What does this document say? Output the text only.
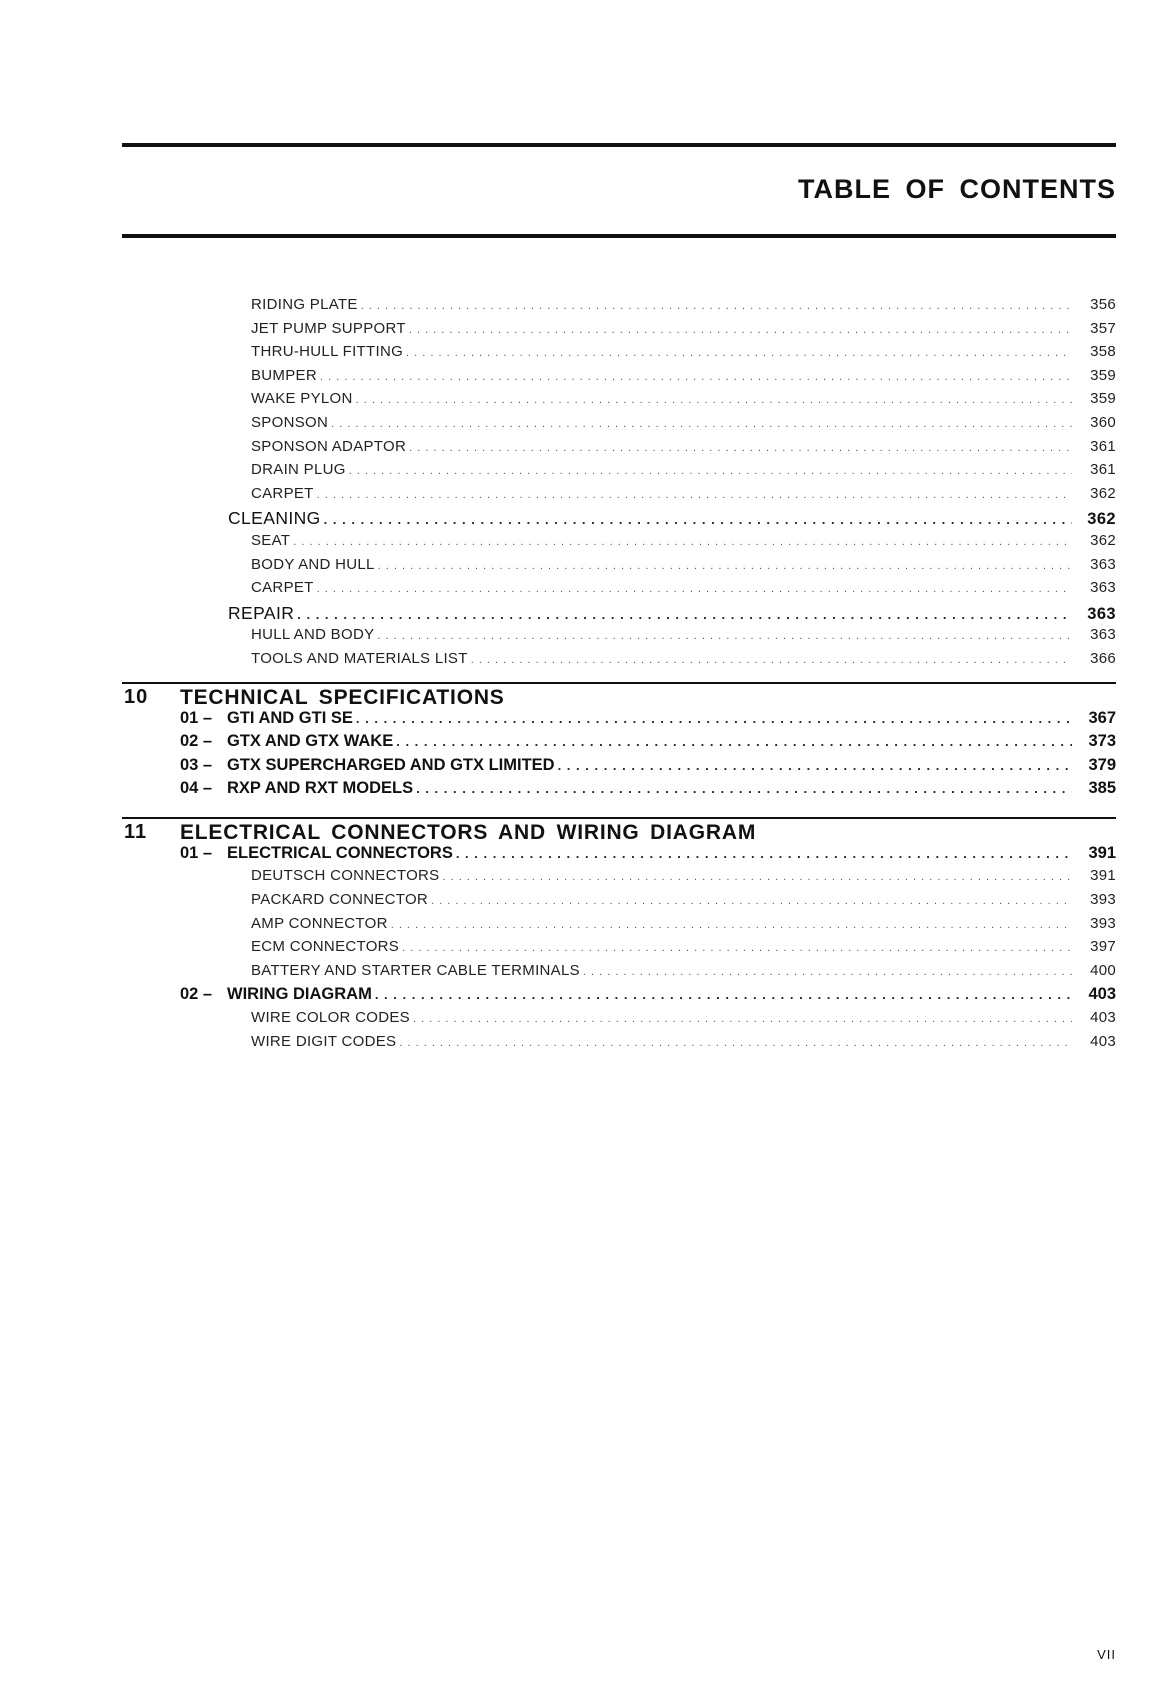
TABLE OF CONTENTS
RIDING PLATE . . .	356
JET PUMP SUPPORT . . .	357
THRU-HULL FITTING . . .	358
BUMPER . . .	359
WAKE PYLON . . .	359
SPONSON . . .	360
SPONSON ADAPTOR . . .	361
DRAIN PLUG . . .	361
CARPET . . .	362
CLEANING . . .	362
SEAT . . .	362
BODY AND HULL . . .	363
CARPET . . .	363
REPAIR . . .	363
HULL AND BODY . . .	363
TOOLS AND MATERIALS LIST . . .	366
10 TECHNICAL SPECIFICATIONS
01 – GTI AND GTI SE . . .	367
02 – GTX AND GTX WAKE . . .	373
03 – GTX SUPERCHARGED AND GTX LIMITED . . .	379
04 – RXP AND RXT MODELS . . .	385
11 ELECTRICAL CONNECTORS AND WIRING DIAGRAM
01 – ELECTRICAL CONNECTORS . . .	391
DEUTSCH CONNECTORS . . .	391
PACKARD CONNECTOR . . .	393
AMP CONNECTOR . . .	393
ECM CONNECTORS . . .	397
BATTERY AND STARTER CABLE TERMINALS . . .	400
02 – WIRING DIAGRAM . . .	403
WIRE COLOR CODES . . .	403
WIRE DIGIT CODES . . .	403
VII
